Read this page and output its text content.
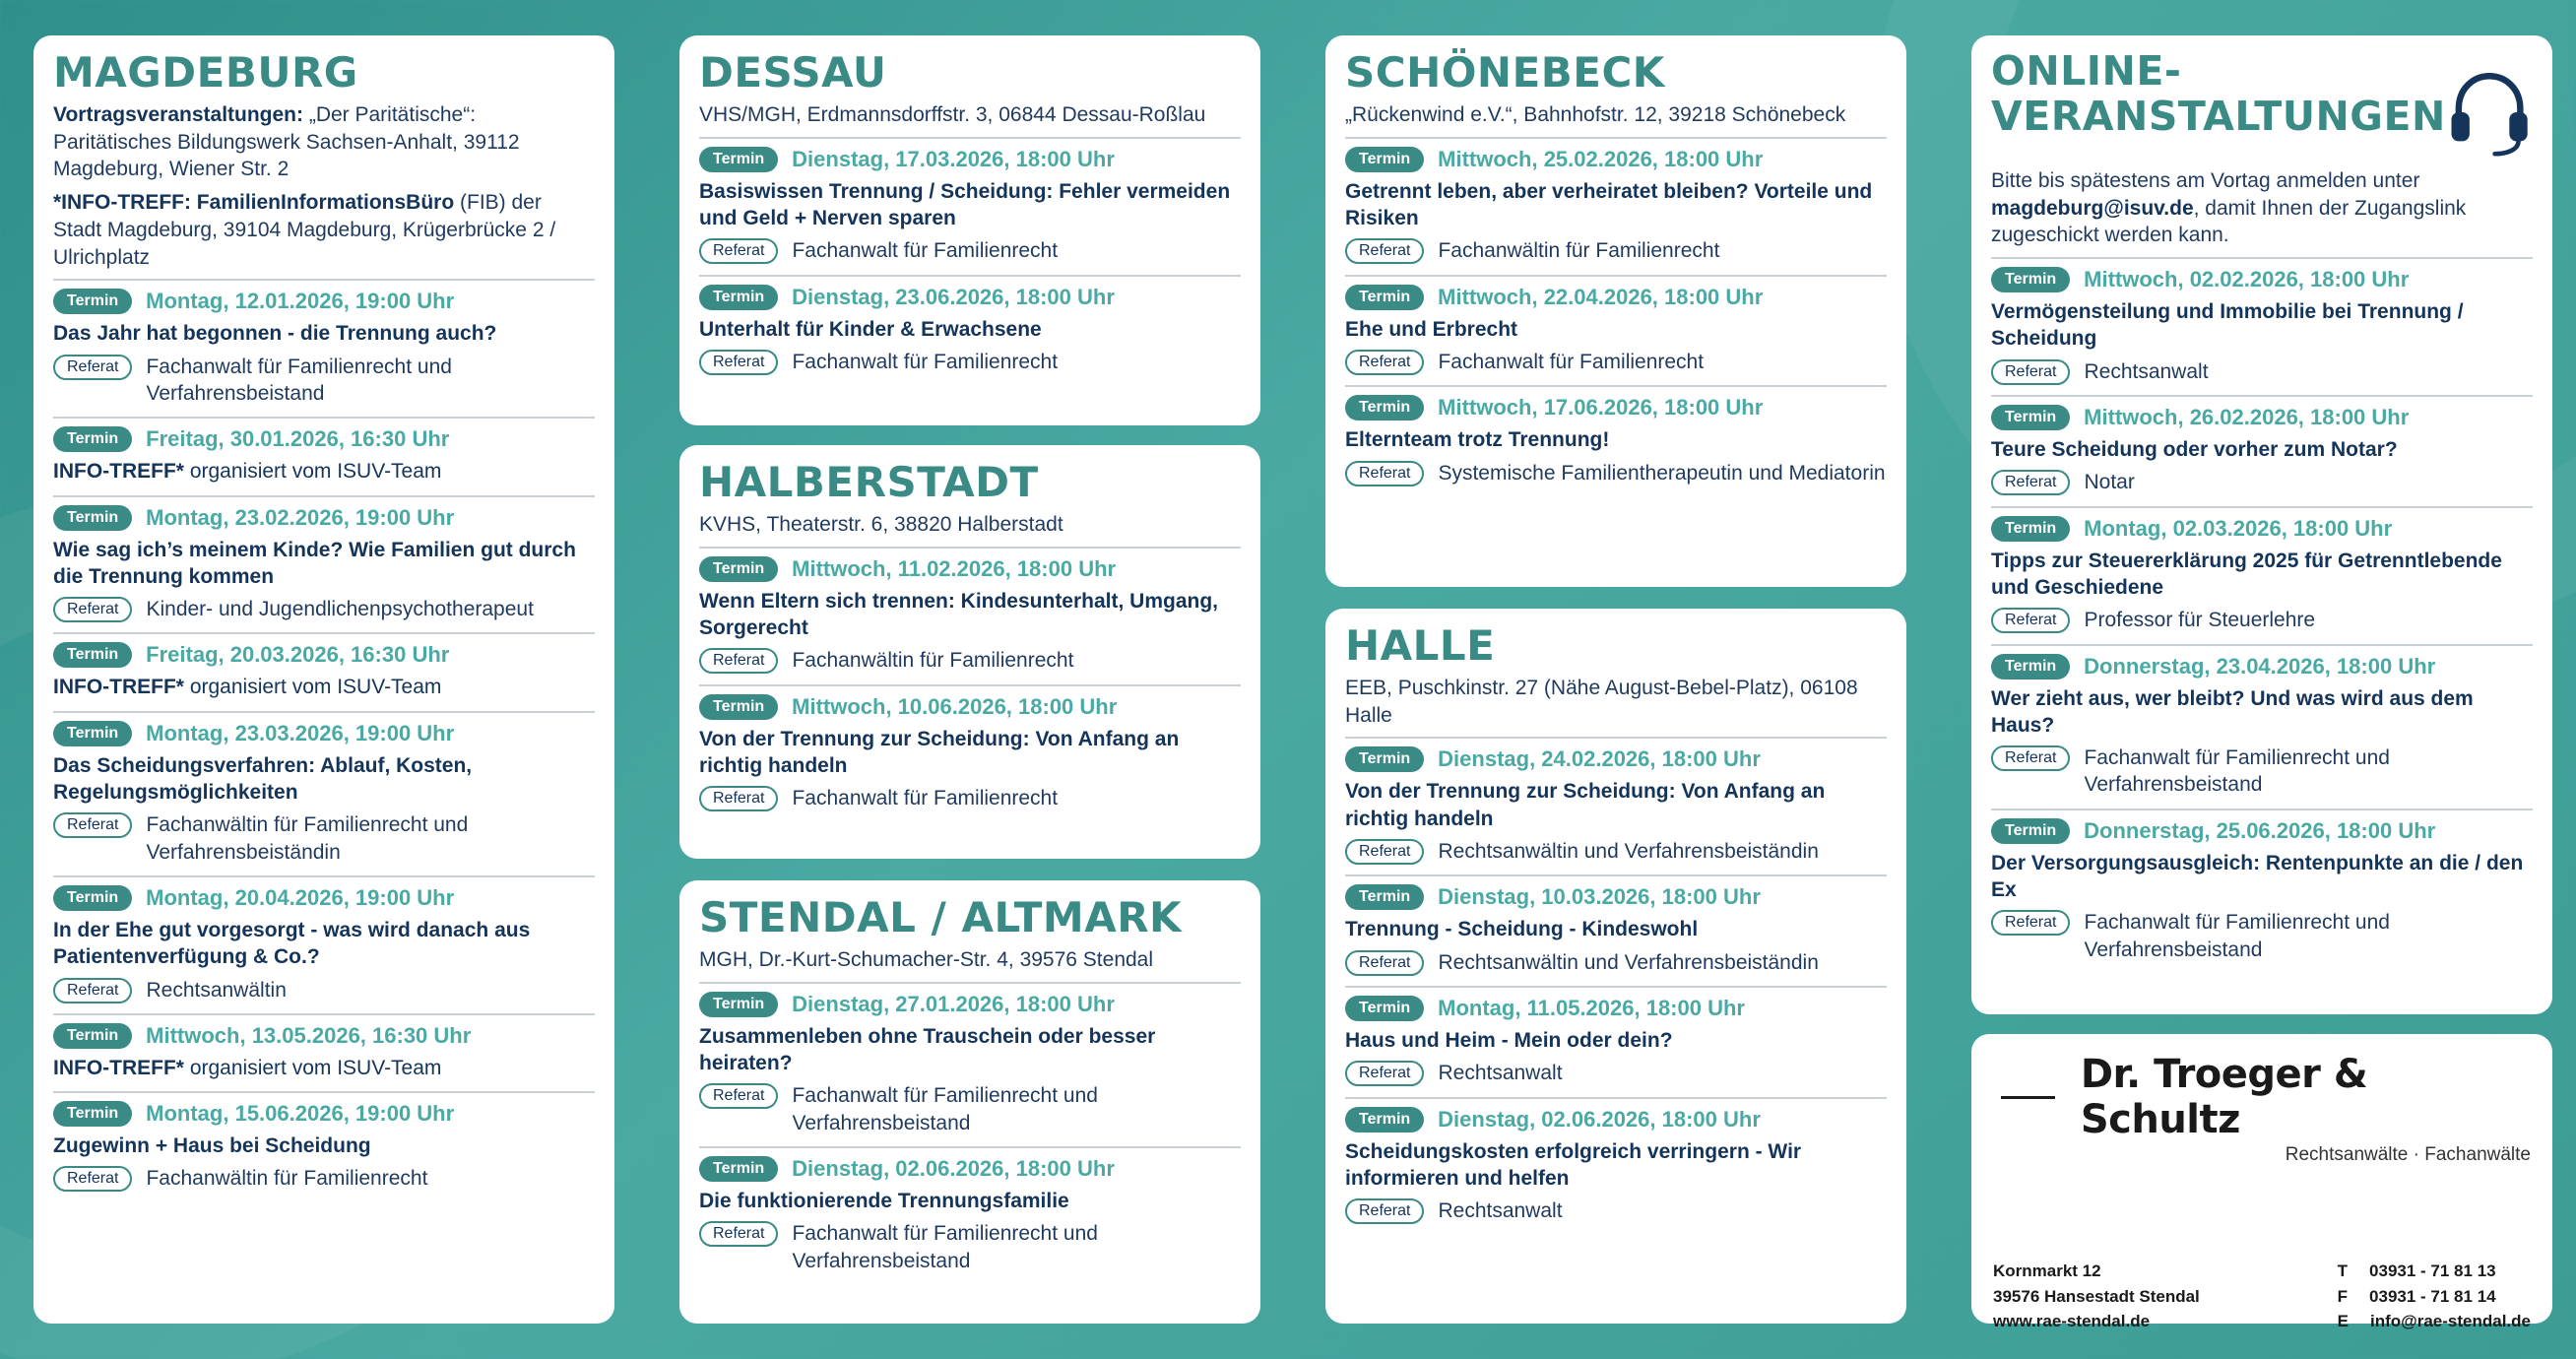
MAGDEBURG
Vortragsveranstaltungen: „Der Paritätische“: Paritätisches Bildungswerk Sachsen-Anhalt, 39112 Magdeburg, Wiener Str. 2
*INFO-TREFF: FamilienInformationsBüro (FIB) der Stadt Magdeburg, 39104 Magdeburg, Krügerbrücke 2 / Ulrichplatz
Termin	Montag, 12.01.2026, 19:00 Uhr
Das Jahr hat begonnen - die Trennung auch?
Referat	Fachanwalt für Familienrecht und Verfahrensbeistand
Termin	Freitag, 30.01.2026, 16:30 Uhr
INFO-TREFF* organisiert vom ISUV-Team
Termin	Montag, 23.02.2026, 19:00 Uhr
Wie sag ich’s meinem Kinde? Wie Familien gut durch die Trennung kommen
Referat	Kinder- und Jugendlichenpsychotherapeut
Termin	Freitag, 20.03.2026, 16:30 Uhr
INFO-TREFF* organisiert vom ISUV-Team
Termin	Montag, 23.03.2026, 19:00 Uhr
Das Scheidungsverfahren: Ablauf, Kosten, Regelungsmöglichkeiten
Referat	Fachanwältin für Familienrecht und Verfahrensbeiständin
Termin	Montag, 20.04.2026, 19:00 Uhr
In der Ehe gut vorgesorgt - was wird danach aus Patientenverfügung & Co.?
Referat	Rechtsanwältin
Termin	Mittwoch, 13.05.2026, 16:30 Uhr
INFO-TREFF* organisiert vom ISUV-Team
Termin	Montag, 15.06.2026, 19:00 Uhr
Zugewinn + Haus bei Scheidung
Referat	Fachanwältin für Familienrecht
DESSAU
VHS/MGH, Erdmannsdorffstr. 3, 06844 Dessau-Roßlau
Termin	Dienstag, 17.03.2026, 18:00 Uhr
Basiswissen Trennung / Scheidung: Fehler vermeiden und Geld + Nerven sparen
Referat	Fachanwalt für Familienrecht
Termin	Dienstag, 23.06.2026, 18:00 Uhr
Unterhalt für Kinder & Erwachsene
Referat	Fachanwalt für Familienrecht
HALBERSTADT
KVHS, Theaterstr. 6, 38820 Halberstadt
Termin	Mittwoch, 11.02.2026, 18:00 Uhr
Wenn Eltern sich trennen: Kindesunterhalt, Umgang, Sorgerecht
Referat	Fachanwältin für Familienrecht
Termin	Mittwoch, 10.06.2026, 18:00 Uhr
Von der Trennung zur Scheidung: Von Anfang an richtig handeln
Referat	Fachanwalt für Familienrecht
STENDAL / ALTMARK
MGH, Dr.-Kurt-Schumacher-Str. 4, 39576 Stendal
Termin	Dienstag, 27.01.2026, 18:00 Uhr
Zusammenleben ohne Trauschein oder besser heiraten?
Referat	Fachanwalt für Familienrecht und Verfahrensbeistand
Termin	Dienstag, 02.06.2026, 18:00 Uhr
Die funktionierende Trennungsfamilie
Referat	Fachanwalt für Familienrecht und Verfahrensbeistand
SCHÖNEBECK
„Rückenwind e.V.“, Bahnhofstr. 12, 39218 Schönebeck
Termin	Mittwoch, 25.02.2026, 18:00 Uhr
Getrennt leben, aber verheiratet bleiben? Vorteile und Risiken
Referat	Fachanwältin für Familienrecht
Termin	Mittwoch, 22.04.2026, 18:00 Uhr
Ehe und Erbrecht
Referat	Fachanwalt für Familienrecht
Termin	Mittwoch, 17.06.2026, 18:00 Uhr
Elternteam trotz Trennung!
Referat	Systemische Familientherapeutin und Mediatorin
HALLE
EEB, Puschkinstr. 27 (Nähe August-Bebel-Platz), 06108 Halle
Termin	Dienstag, 24.02.2026, 18:00 Uhr
Von der Trennung zur Scheidung: Von Anfang an richtig handeln
Referat	Rechtsanwältin und Verfahrensbeiständin
Termin	Dienstag, 10.03.2026, 18:00 Uhr
Trennung - Scheidung - Kindeswohl
Referat	Rechtsanwältin und Verfahrensbeiständin
Termin	Montag, 11.05.2026, 18:00 Uhr
Haus und Heim - Mein oder dein?
Referat	Rechtsanwalt
Termin	Dienstag, 02.06.2026, 18:00 Uhr
Scheidungskosten erfolgreich verringern - Wir informieren und helfen
Referat	Rechtsanwalt
ONLINE-
VERANSTALTUNGEN
Bitte bis spätestens am Vortag anmelden unter magdeburg@isuv.de, damit Ihnen der Zugangslink zugeschickt werden kann.
Termin	Mittwoch, 02.02.2026, 18:00 Uhr
Vermögensteilung und Immobilie bei Trennung / Scheidung
Referat	Rechtsanwalt
Termin	Mittwoch, 26.02.2026, 18:00 Uhr
Teure Scheidung oder vorher zum Notar?
Referat	Notar
Termin	Montag, 02.03.2026, 18:00 Uhr
Tipps zur Steuererklärung 2025 für Getrenntlebende und Geschiedene
Referat	Professor für Steuerlehre
Termin	Donnerstag, 23.04.2026, 18:00 Uhr
Wer zieht aus, wer bleibt? Und was wird aus dem Haus?
Referat	Fachanwalt für Familienrecht und Verfahrensbeistand
Termin	Donnerstag, 25.06.2026, 18:00 Uhr
Der Versorgungsausgleich: Rentenpunkte an die / den Ex
Referat	Fachanwalt für Familienrecht und Verfahrensbeistand
Dr. Troeger & Schultz
Rechtsanwälte · Fachanwälte
Kornmarkt 12
39576 Hansestadt Stendal
www.rae-stendal.de
T 03931 - 71 81 13
F 03931 - 71 81 14
E info@rae-stendal.de
